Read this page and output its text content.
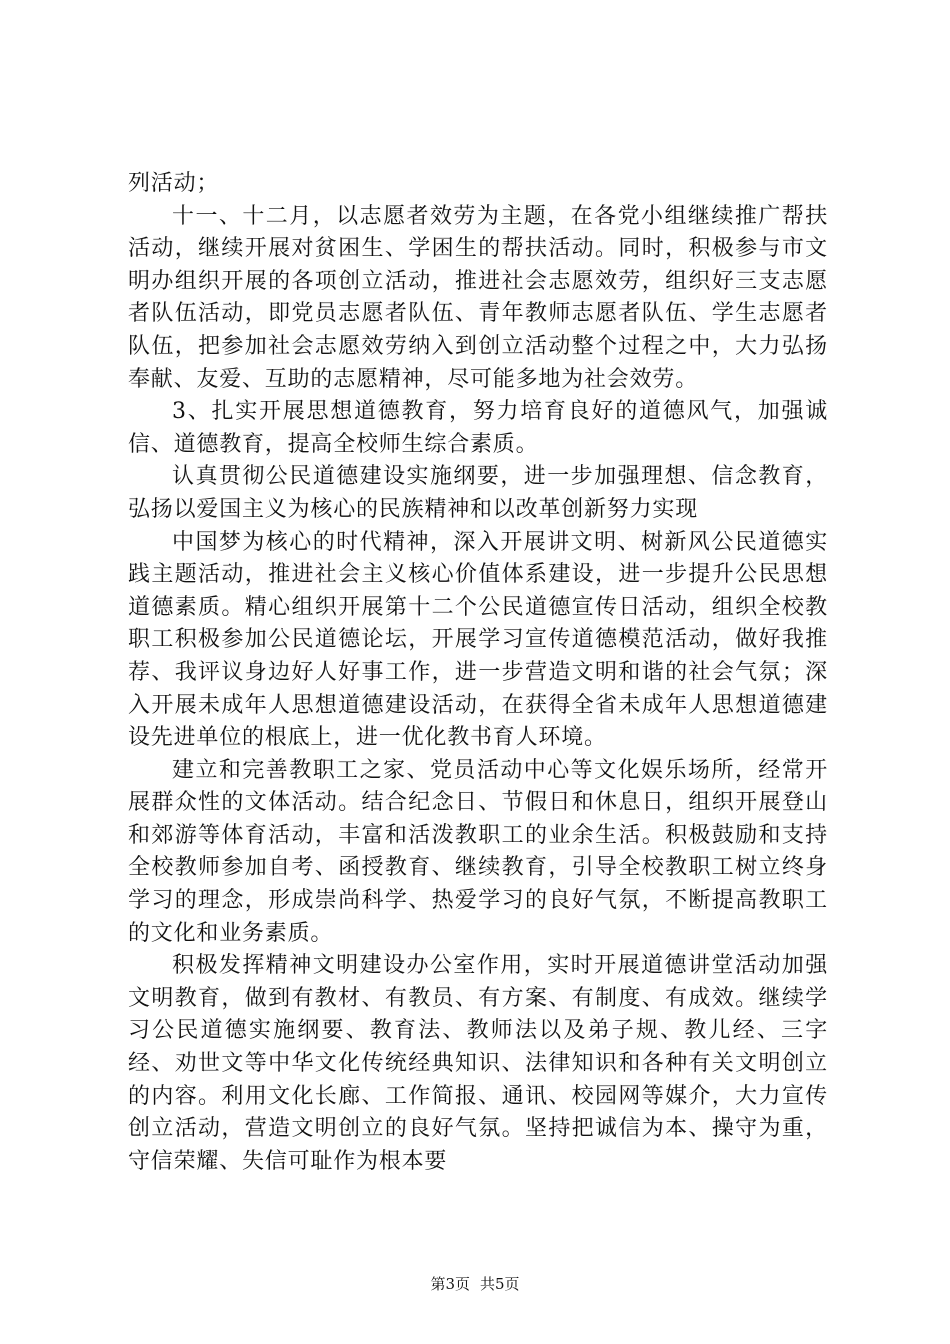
列活动；

十一、十二月，以志愿者效劳为主题，在各党小组继续推广帮扶活动，继续开展对贫困生、学困生的帮扶活动。同时，积极参与市文明办组织开展的各项创立活动，推进社会志愿效劳，组织好三支志愿者队伍活动，即党员志愿者队伍、青年教师志愿者队伍、学生志愿者队伍，把参加社会志愿效劳纳入到创立活动整个过程之中，大力弘扬奉献、友爱、互助的志愿精神，尽可能多地为社会效劳。

3、扎实开展思想道德教育，努力培育良好的道德风气，加强诚信、道德教育，提高全校师生综合素质。

认真贯彻公民道德建设实施纲要，进一步加强理想、信念教育，弘扬以爱国主义为核心的民族精神和以改革创新努力实现

中国梦为核心的时代精神，深入开展讲文明、树新风公民道德实践主题活动，推进社会主义核心价值体系建设，进一步提升公民思想道德素质。精心组织开展第十二个公民道德宣传日活动，组织全校教职工积极参加公民道德论坛，开展学习宣传道德模范活动，做好我推荐、我评议身边好人好事工作，进一步营造文明和谐的社会气氛；深入开展未成年人思想道德建设活动，在获得全省未成年人思想道德建设先进单位的根底上，进一优化教书育人环境。

建立和完善教职工之家、党员活动中心等文化娱乐场所，经常开展群众性的文体活动。结合纪念日、节假日和休息日，组织开展登山和郊游等体育活动，丰富和活泼教职工的业余生活。积极鼓励和支持全校教师参加自考、函授教育、继续教育，引导全校教职工树立终身学习的理念，形成崇尚科学、热爱学习的良好气氛，不断提高教职工的文化和业务素质。

积极发挥精神文明建设办公室作用，实时开展道德讲堂活动加强文明教育，做到有教材、有教员、有方案、有制度、有成效。继续学习公民道德实施纲要、教育法、教师法以及弟子规、教儿经、三字经、劝世文等中华文化传统经典知识、法律知识和各种有关文明创立的内容。利用文化长廊、工作简报、通讯、校园网等媒介，大力宣传创立活动，营造文明创立的良好气氛。坚持把诚信为本、操守为重，守信荣耀、失信可耻作为根本要

第3页 共5页
